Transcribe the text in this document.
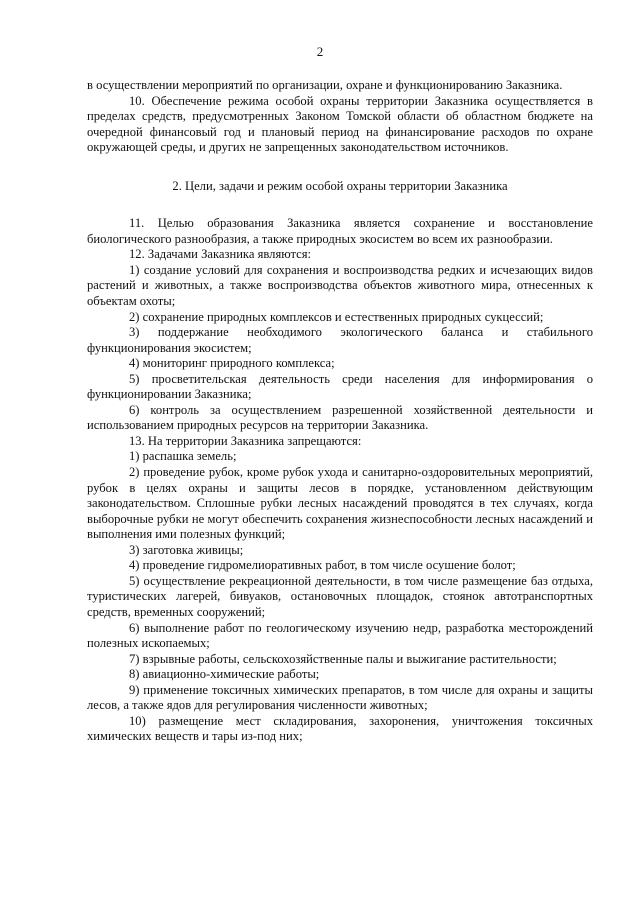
2

в осуществлении мероприятий по организации, охране и функционированию Заказника.

10. Обеспечение режима особой охраны территории Заказника осуществляется в пределах средств, предусмотренных Законом Томской области об областном бюджете на очередной финансовый год и плановый период на финансирование расходов по охране окружающей среды, и других не запрещенных законодательством источников.

2. Цели, задачи и режим особой охраны территории Заказника

11. Целью образования Заказника является сохранение и восстановление биологического разнообразия, а также природных экосистем во всем их разнообразии.

12. Задачами Заказника являются:

1) создание условий для сохранения и воспроизводства редких и исчезающих видов растений и животных, а также воспроизводства объектов животного мира, отнесенных к объектам охоты;

2) сохранение природных комплексов и естественных природных сукцессий;

3) поддержание необходимого экологического баланса и стабильного функционирования экосистем;

4) мониторинг природного комплекса;

5) просветительская деятельность среди населения для информирования о функционировании Заказника;

6) контроль за осуществлением разрешенной хозяйственной деятельности и использованием природных ресурсов на территории Заказника.

13. На территории Заказника запрещаются:

1) распашка земель;

2) проведение рубок, кроме рубок ухода и санитарно-оздоровительных мероприятий, рубок в целях охраны и защиты лесов в порядке, установленном действующим законодательством. Сплошные рубки лесных насаждений проводятся в тех случаях, когда выборочные рубки не могут обеспечить сохранения жизнеспособности лесных насаждений и выполнения ими полезных функций;

3) заготовка живицы;

4) проведение гидромелиоративных работ, в том числе осушение болот;

5) осуществление рекреационной деятельности, в том числе размещение баз отдыха, туристических лагерей, бивуаков, остановочных площадок, стоянок автотранспортных средств, временных сооружений;

6) выполнение работ по геологическому изучению недр, разработка месторождений полезных ископаемых;

7) взрывные работы, сельскохозяйственные палы и выжигание растительности;

8) авиационно-химические работы;

9) применение токсичных химических препаратов, в том числе для охраны и защиты лесов, а также ядов для регулирования численности животных;

10) размещение мест складирования, захоронения, уничтожения токсичных химических веществ и тары из-под них;
